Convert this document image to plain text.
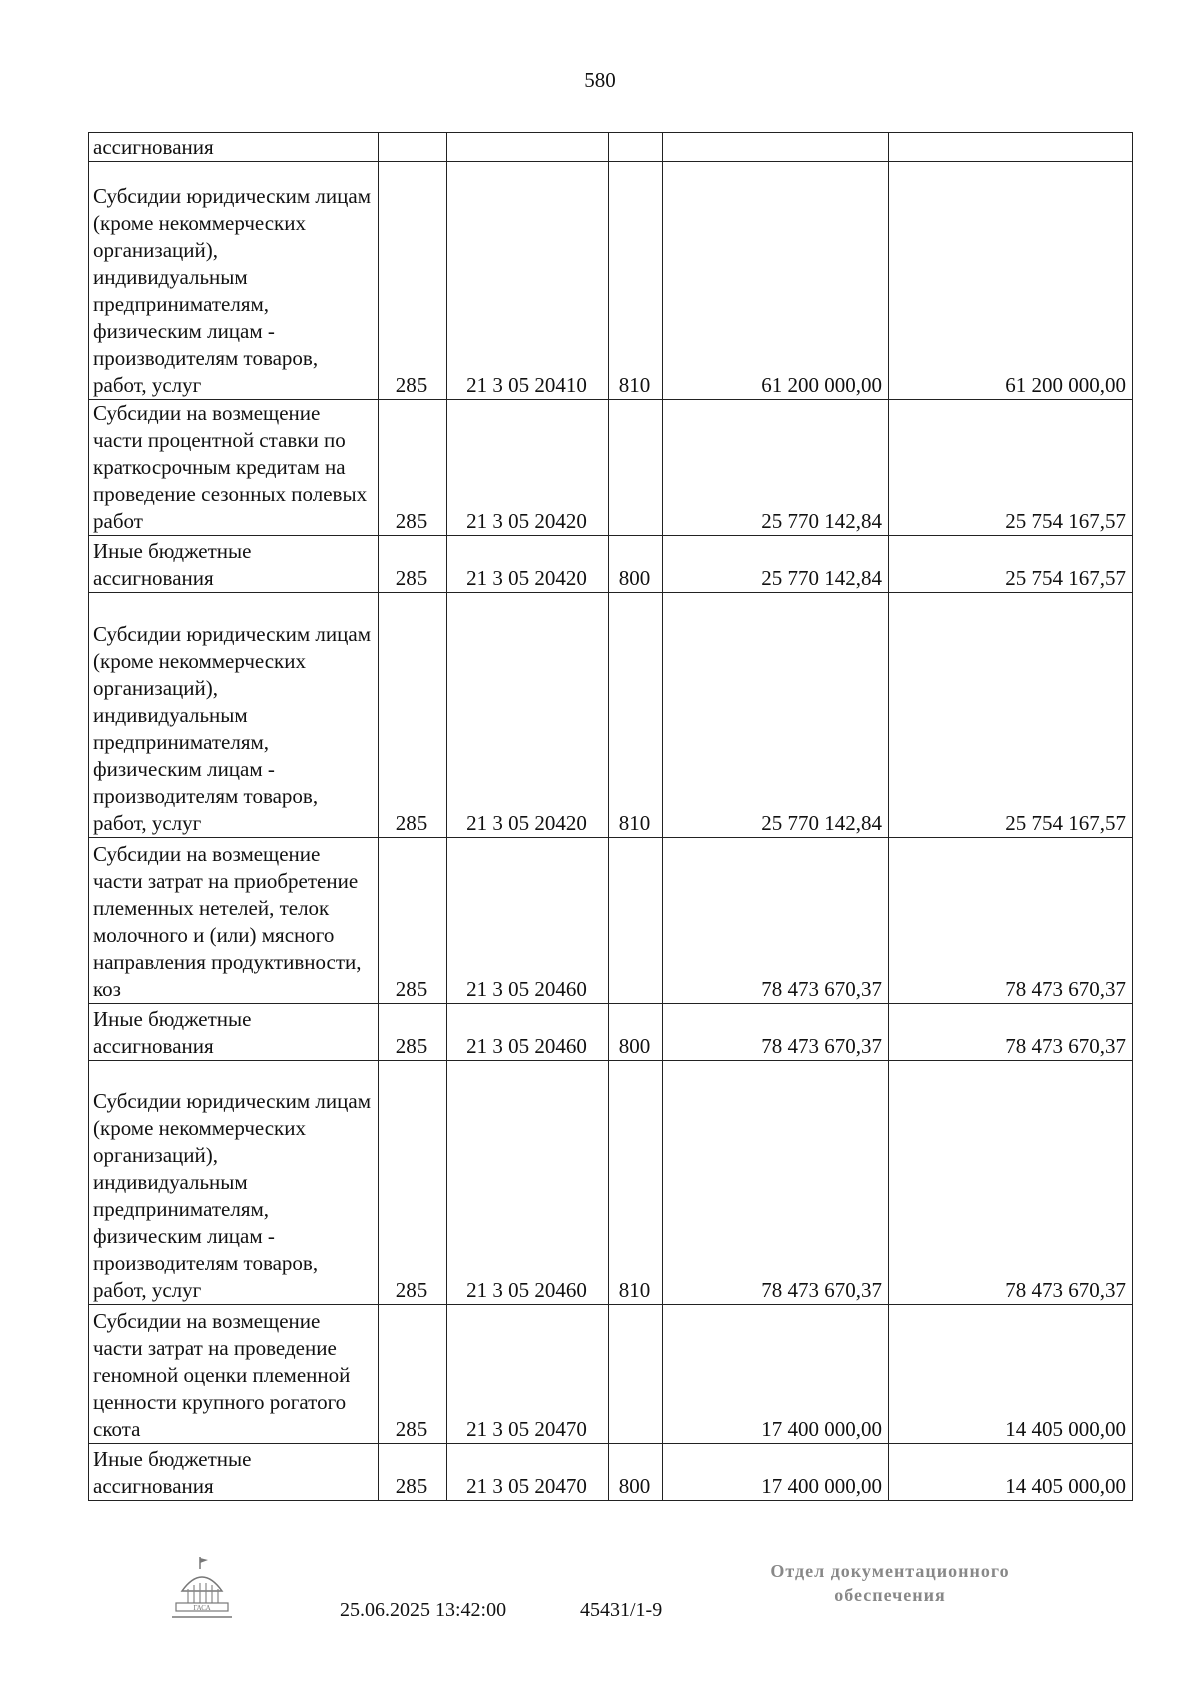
580
ассигнования					
Субсидии юридическим лицам (кроме некоммерческих организаций), индивидуальным предпринимателям, физическим лицам - производителям товаров, работ, услуг	285	21 3 05 20410	810	61 200 000,00	61 200 000,00
Субсидии на возмещение части процентной ставки по краткосрочным кредитам на проведение сезонных полевых работ	285	21 3 05 20420		25 770 142,84	25 754 167,57
Иные бюджетные ассигнования	285	21 3 05 20420	800	25 770 142,84	25 754 167,57
Субсидии юридическим лицам (кроме некоммерческих организаций), индивидуальным предпринимателям, физическим лицам - производителям товаров, работ, услуг	285	21 3 05 20420	810	25 770 142,84	25 754 167,57
Субсидии на возмещение части затрат на приобретение племенных нетелей, телок молочного и (или) мясного направления продуктивности, коз	285	21 3 05 20460		78 473 670,37	78 473 670,37
Иные бюджетные ассигнования	285	21 3 05 20460	800	78 473 670,37	78 473 670,37
Субсидии юридическим лицам (кроме некоммерческих организаций), индивидуальным предпринимателям, физическим лицам - производителям товаров, работ, услуг	285	21 3 05 20460	810	78 473 670,37	78 473 670,37
Субсидии на возмещение части затрат на проведение геномной оценки племенной ценности крупного рогатого скота	285	21 3 05 20470		17 400 000,00	14 405 000,00
Иные бюджетные ассигнования	285	21 3 05 20470	800	17 400 000,00	14 405 000,00
ГАСА	25.06.2025 13:42:00	45431/1-9
Отдел документационного
обеспечения
